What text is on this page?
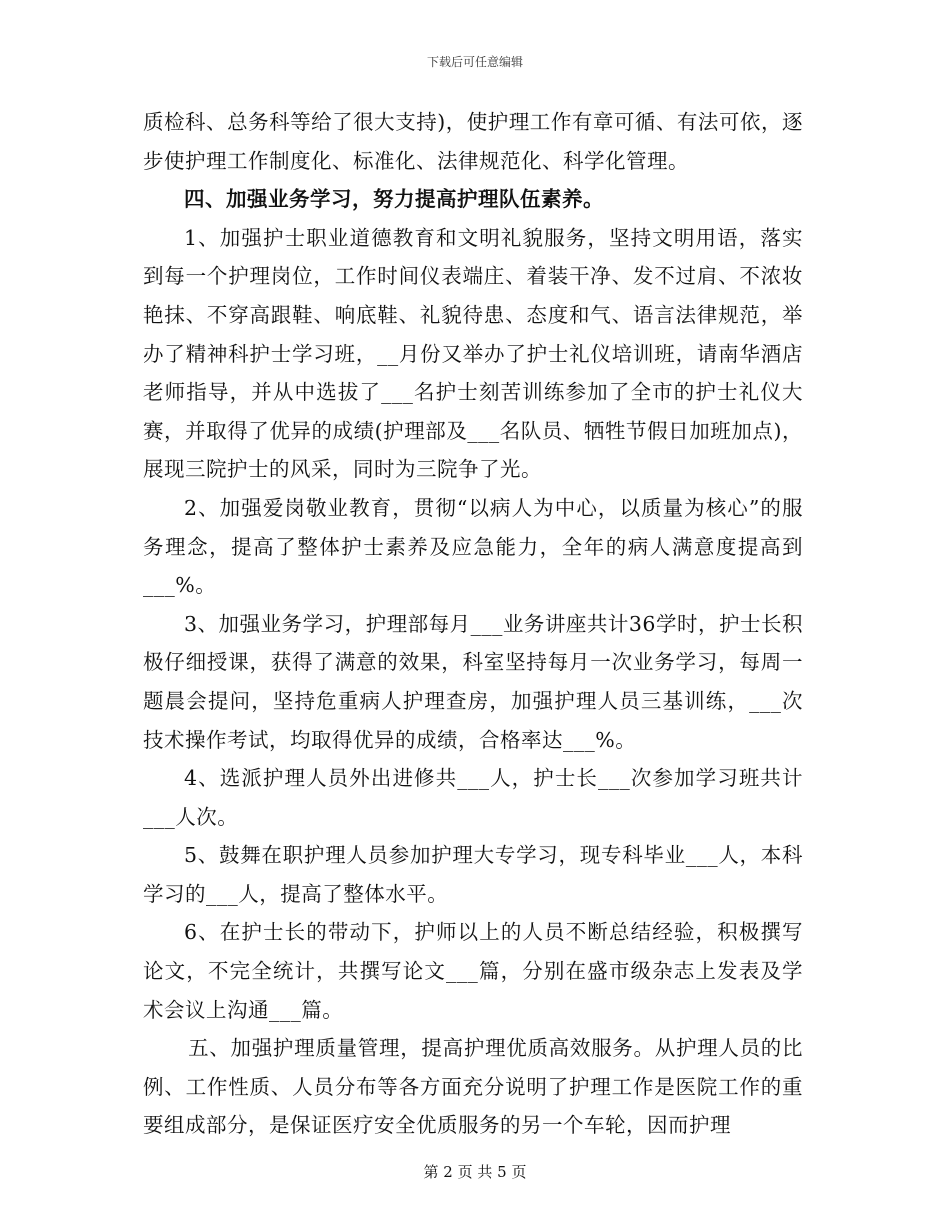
下载后可任意编辑

质检科、总务科等给了很大支持)，使护理工作有章可循、有法可依，逐步使护理工作制度化、标准化、法律规范化、科学化管理。

四、加强业务学习，努力提高护理队伍素养。

1、加强护士职业道德教育和文明礼貌服务，坚持文明用语，落实到每一个护理岗位，工作时间仪表端庄、着装干净、发不过肩、不浓妆艳抹、不穿高跟鞋、响底鞋、礼貌待患、态度和气、语言法律规范，举办了精神科护士学习班，__月份又举办了护士礼仪培训班，请南华酒店老师指导，并从中选拔了___名护士刻苦训练参加了全市的护士礼仪大赛，并取得了优异的成绩(护理部及___名队员、牺牲节假日加班加点)，展现三院护士的风采，同时为三院争了光。

2、加强爱岗敬业教育，贯彻“以病人为中心，以质量为核心”的服务理念，提高了整体护士素养及应急能力，全年的病人满意度提高到___%。

3、加强业务学习，护理部每月___业务讲座共计36学时，护士长积极仔细授课，获得了满意的效果，科室坚持每月一次业务学习，每周一题晨会提问，坚持危重病人护理查房，加强护理人员三基训练，___次技术操作考试，均取得优异的成绩，合格率达___%。

4、选派护理人员外出进修共___人，护士长___次参加学习班共计___人次。

5、鼓舞在职护理人员参加护理大专学习，现专科毕业___人，本科学习的___人，提高了整体水平。

6、在护士长的带动下，护师以上的人员不断总结经验，积极撰写论文，不完全统计，共撰写论文___篇，分别在盛市级杂志上发表及学术会议上沟通___篇。

五、加强护理质量管理，提高护理优质高效服务。从护理人员的比例、工作性质、人员分布等各方面充分说明了护理工作是医院工作的重要组成部分，是保证医疗安全优质服务的另一个车轮，因而护理

第 2 页 共 5 页
